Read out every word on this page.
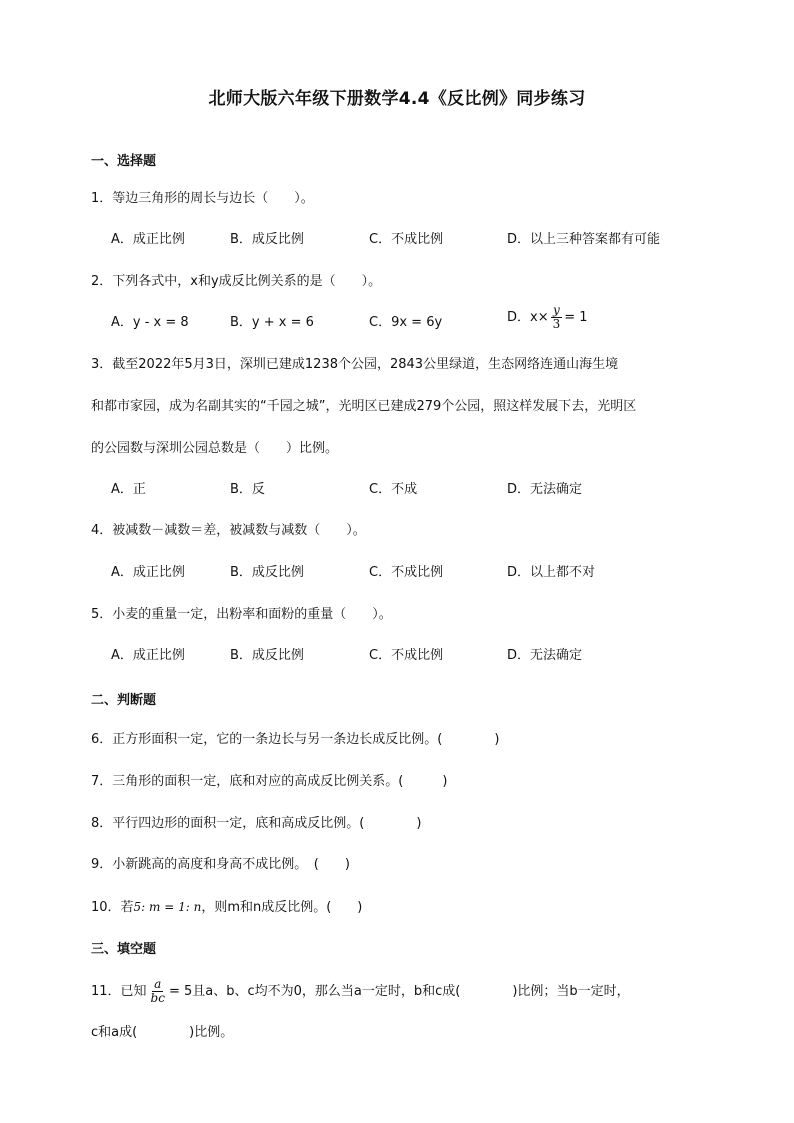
北师大版六年级下册数学4.4《反比例》同步练习
一、选择题
1．等边三角形的周长与边长（　　）。
A．成正比例	B．成反比例	C．不成比例	D．以上三种答案都有可能
2．下列各式中，x和y成反比例关系的是（　　）。
A．y - x = 8	B．y + x = 6	C．9x = 6y	D．$x\times \frac{y}{3} = 1$
3．截至2022年5月3日，深圳已建成1238个公园，2843公里绿道，生态网络连通山海生境
和都市家园，成为名副其实的“千园之城”，光明区已建成279个公园，照这样发展下去，光明区
的公园数与深圳公园总数是（　　）比例。
A．正	B．反	C．不成	D．无法确定
4．被减数－减数＝差，被减数与减数（　　）。
A．成正比例	B．成反比例	C．不成比例	D．以上都不对
5．小麦的重量一定，出粉率和面粉的重量（　　）。
A．成正比例	B．成反比例	C．不成比例	D．无法确定
二、判断题
6．正方形面积一定，它的一条边长与另一条边长成反比例。(　　　　)
7．三角形的面积一定，底和对应的高成反比例关系。(　　　)
8．平行四边形的面积一定，底和高成反比例。(　　　　)
9．小新跳高的高度和身高不成比例。　(　　)
10．若5: m = 1: n，则m和n成反比例。(　　)
三、填空题
11．已知 $\frac{a}{bc} = 5$且a、b、c均不为0，那么当a一定时，b和c成(　　　　)比例；当b一定时，
c和a成(　　　　)比例。
